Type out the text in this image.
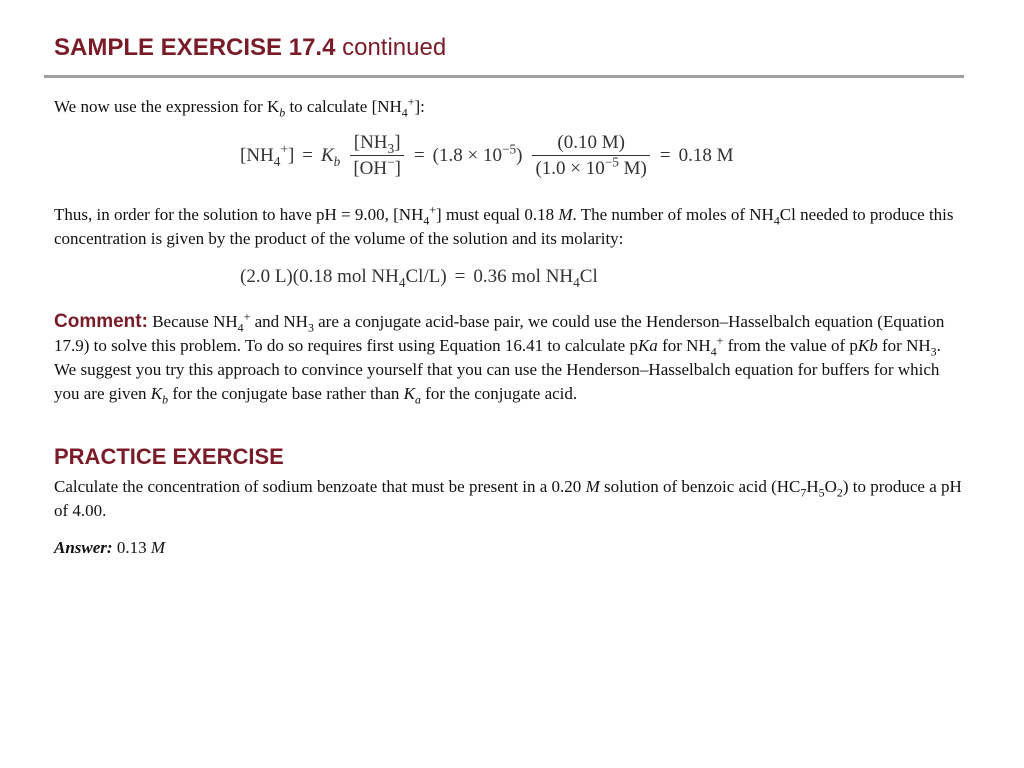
SAMPLE EXERCISE 17.4 continued
We now use the expression for $K_b$ to calculate $[NH_4^+]$:
$[NH_4^+] = K_b \frac{[NH_3]}{[OH^-]} = (1.8 \times 10^{-5}) \frac{(0.10 M)}{(1.0 \times 10^{-5} M)} = 0.18$ M
Thus, in order for the solution to have pH = 9.00, $[NH_4^+]$ must equal 0.18 M. The number of moles of $NH_4Cl$ needed to produce this concentration is given by the product of the volume of the solution and its molarity:
(2.0 L)(0.18 mol $NH_4Cl/L) = 0.36$ mol $NH_4Cl$
Comment: Because $NH_4^+$ and $NH_3$ are a conjugate acid-base pair, we could use the Henderson–Hasselbalch equation (Equation 17.9) to solve this problem. To do so requires first using Equation 16.41 to calculate pKa for $NH_4^+$ from the value of pKb for $NH_3$. We suggest you try this approach to convince yourself that you can use the Henderson–Hasselbalch equation for buffers for which you are given $K_b$ for the conjugate base rather than $K_a$ for the conjugate acid.
PRACTICE EXERCISE
Calculate the concentration of sodium benzoate that must be present in a 0.20 M solution of benzoic acid $(HC_7H_5O_2)$ to produce a pH of 4.00.
Answer: 0.13 M
